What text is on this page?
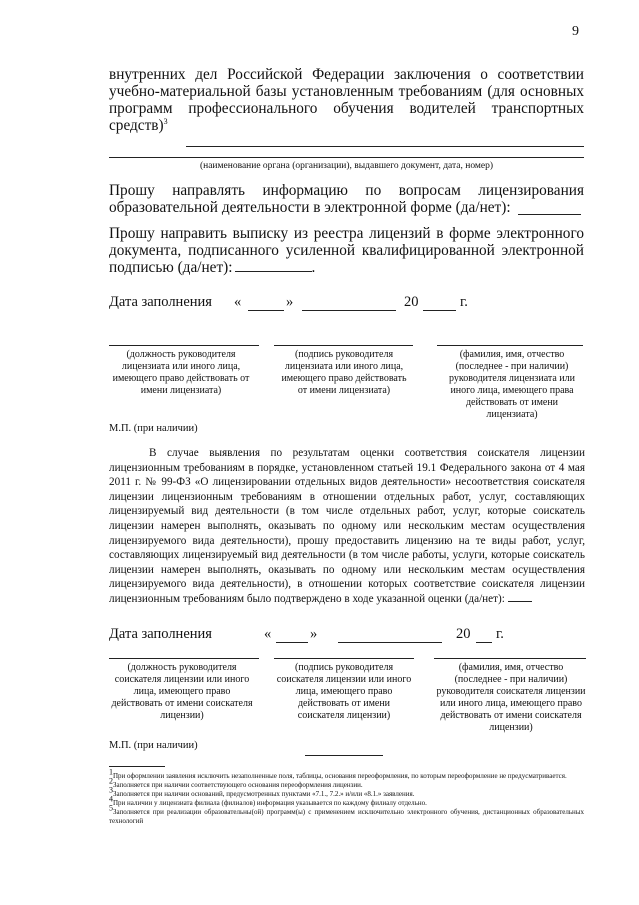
9
внутренних дел Российской Федерации заключения о соответствии
учебно-материальной базы установленным требованиям (для основных
программ профессионального обучения водителей транспортных
средств)$^3$
(наименование органа (организации), выдавшего документ, дата, номер)
Прошу направлять информацию по вопросам лицензирования
образовательной деятельности в электронной форме (да/нет):
Прошу направить выписку из реестра лицензий в форме электронного
документа, подписанного усиленной квалифицированной электронной
подписью (да/нет):	.
Дата заполнения «	»	20	г.
(должность руководителя лицензиата или иного лица, имеющего право действовать от имени лицензиата)
(подпись руководителя лицензиата или иного лица, имеющего право действовать от имени лицензиата)
(фамилия, имя, отчество (последнее - при наличии) руководителя лицензиата или иного лица, имеющего права действовать от имени лицензиата)
М.П. (при наличии)
В случае выявления по результатам оценки соответствия соискателя лицензии лицензионным требованиям в порядке, установленном статьей 19.1 Федерального закона от 4 мая 2011 г. № 99-ФЗ «О лицензировании отдельных видов деятельности» несоответствия соискателя лицензии лицензионным требованиям в отношении отдельных работ, услуг, составляющих лицензируемый вид деятельности (в том числе отдельных работ, услуг, которые соискатель лицензии намерен выполнять, оказывать по одному или нескольким местам осуществления лицензируемого вида деятельности), прошу предоставить лицензию на те виды работ, услуг, составляющих лицензируемый вид деятельности (в том числе работы, услуги, которые соискатель лицензии намерен выполнять, оказывать по одному или нескольким местам осуществления лицензируемого вида деятельности), в отношении которых соответствие соискателя лицензии лицензионным требованиям было подтверждено в ходе указанной оценки (да/нет):
Дата заполнения	«	»	20 г.
(должность руководителя соискателя лицензии или иного лица, имеющего право действовать от имени соискателя лицензии)
(подпись руководителя соискателя лицензии или иного лица, имеющего право действовать от имени соискателя лицензии)
(фамилия, имя, отчество (последнее - при наличии) руководителя соискателя лицензии или иного лица, имеющего право действовать от имени соискателя лицензии)
М.П. (при наличии)

$^1$При оформлении заявления исключить незаполненные поля, таблицы, основания переоформления, по которым переоформление не предусматривается.

$^2$Заполняется при наличии соответствующего основания переоформления лицензии.

$^3$Заполняется при наличии оснований, предусмотренных пунктами «7.1., 7.2.» и/или «8.1.» заявления.

$^4$При наличии у лицензиата филиала (филиалов) информация указывается по каждому филиалу отдельно.

$^5$Заполняется при реализации образовательны(ой) программ(ы) с применением исключительно электронного обучения, дистанционных образовательных технологий
